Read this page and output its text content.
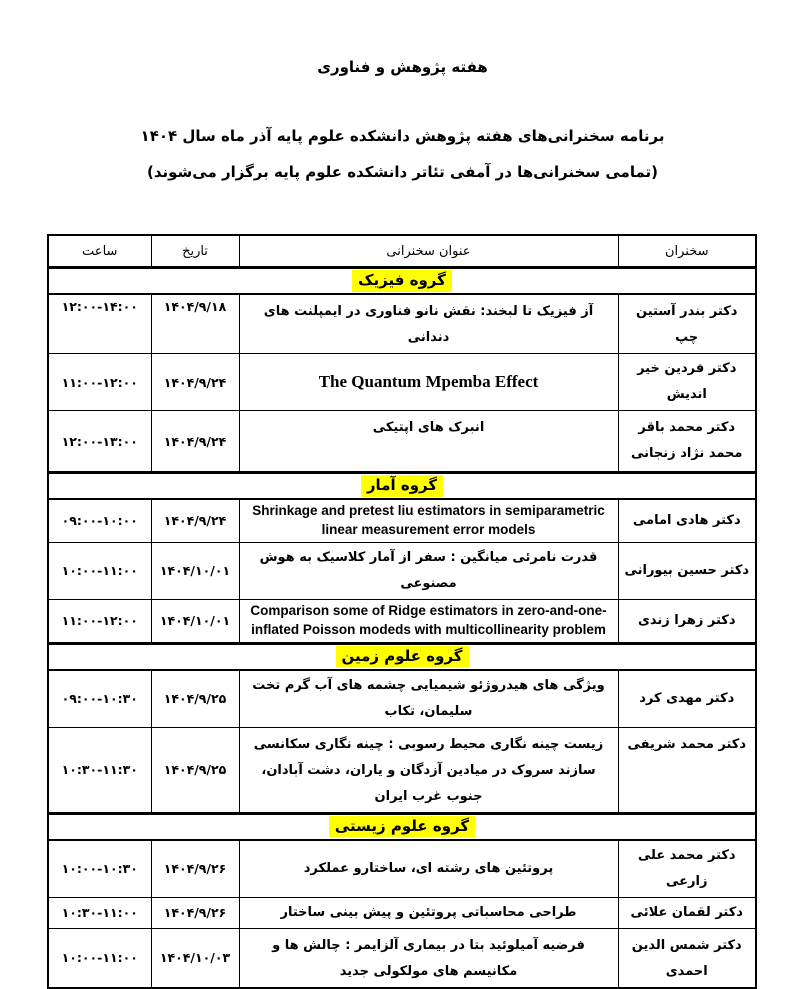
هفته پژوهش و فناوری
برنامه سخنرانی‌های هفته پژوهش دانشکده علوم پایه آذر ماه سال ۱۴۰۴
(تمامی سخنرانی‌ها در آمفی تئاتر دانشکده علوم پایه برگزار می‌شوند)
سخنران	عنوان سخنرانی	تاریخ	ساعت
گروه فیزیک			
دکتر بندر آستین چپ	آز فیزیک تا لبخند: نقش نانو فناوری در ایمپلنت های دندانی	۱۴۰۴/۹/۱۸	۱۲:۰۰-۱۴:۰۰
دکتر فردین خیر اندیش	The Quantum Mpemba Effect	۱۴۰۴/۹/۲۴	۱۱:۰۰-۱۲:۰۰
دکتر محمد باقر محمد نژاد زنجانی	انبرک های اپتیکی	۱۴۰۴/۹/۲۴	۱۲:۰۰-۱۳:۰۰
گروه آمار			
دکتر هادی امامی	Shrinkage and pretest liu estimators in semiparametric linear measurement error models	۱۴۰۴/۹/۲۴	۰۹:۰۰-۱۰:۰۰
دکتر حسین بیورانی	قدرت نامرئی میانگین : سفر از آمار کلاسیک به هوش مصنوعی	۱۴۰۴/۱۰/۰۱	۱۰:۰۰-۱۱:۰۰
دکتر زهرا زندی	Comparison some of Ridge estimators in zero-and-one-inflated Poisson modeds with multicollinearity problem	۱۴۰۴/۱۰/۰۱	۱۱:۰۰-۱۲:۰۰
گروه علوم زمین			
دکتر مهدی کرد	ویژگی های هیدروژئو شیمیایی چشمه های آب گرم تخت سلیمان، تکاب	۱۴۰۴/۹/۲۵	۰۹:۰۰-۱۰:۳۰
دکتر محمد شریفی	زیست چینه نگاری محیط رسوبی : چینه نگاری سکانسی سازند سروک در میادین آزدگان و یاران، دشت آبادان، جنوب غرب ایران	۱۴۰۴/۹/۲۵	۱۰:۳۰-۱۱:۳۰
گروه علوم زیستی			
دکتر محمد علی زارعی	پروتئین های رشته ای، ساختارو عملکرد	۱۴۰۴/۹/۲۶	۱۰:۰۰-۱۰:۳۰
دکتر لقمان علائی	طراحی محاسباتی پروتئین و پیش بینی ساختار	۱۴۰۴/۹/۲۶	۱۰:۳۰-۱۱:۰۰
دکتر شمس الدین احمدی	فرضیه آمیلوئید بتا در بیماری آلزایمر : چالش ها و مکانیسم های مولکولی جدید	۱۴۰۴/۱۰/۰۳	۱۰:۰۰-۱۱:۰۰
